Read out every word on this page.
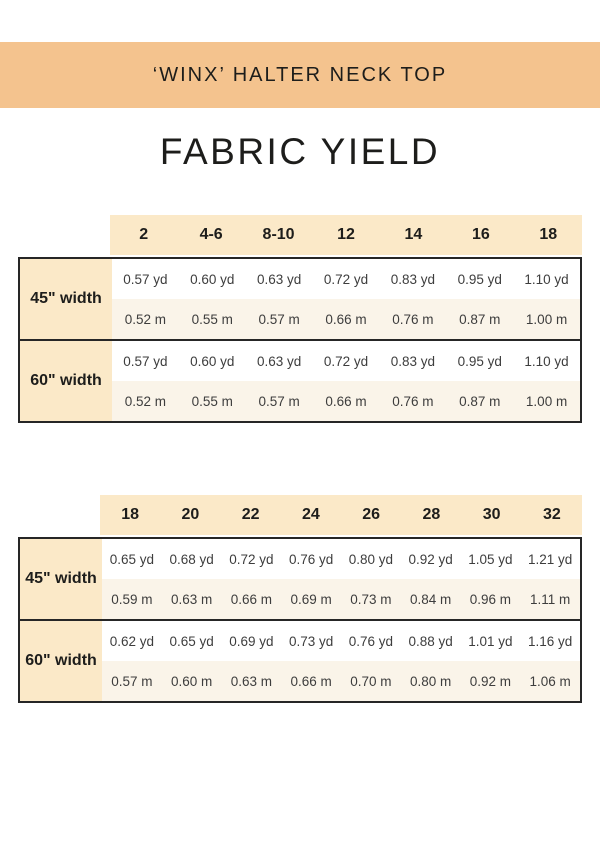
‘WINX’ HALTER NECK TOP
FABRIC YIELD
2	4-6	8-10	12	14	16	18
45" width
0.57 yd	0.60 yd	0.63 yd	0.72 yd	0.83 yd	0.95 yd	1.10 yd
0.52 m	0.55 m	0.57 m	0.66 m	0.76 m	0.87 m	1.00 m
60" width
0.57 yd	0.60 yd	0.63 yd	0.72 yd	0.83 yd	0.95 yd	1.10 yd
0.52 m	0.55 m	0.57 m	0.66 m	0.76 m	0.87 m	1.00 m
18	20	22	24	26	28	30	32
45" width
0.65 yd	0.68 yd	0.72 yd	0.76 yd	0.80 yd	0.92 yd	1.05 yd	1.21 yd
0.59 m	0.63 m	0.66 m	0.69 m	0.73 m	0.84 m	0.96 m	1.11 m
60" width
0.62 yd	0.65 yd	0.69 yd	0.73 yd	0.76 yd	0.88 yd	1.01 yd	1.16 yd
0.57 m	0.60 m	0.63 m	0.66 m	0.70 m	0.80 m	0.92 m	1.06 m
